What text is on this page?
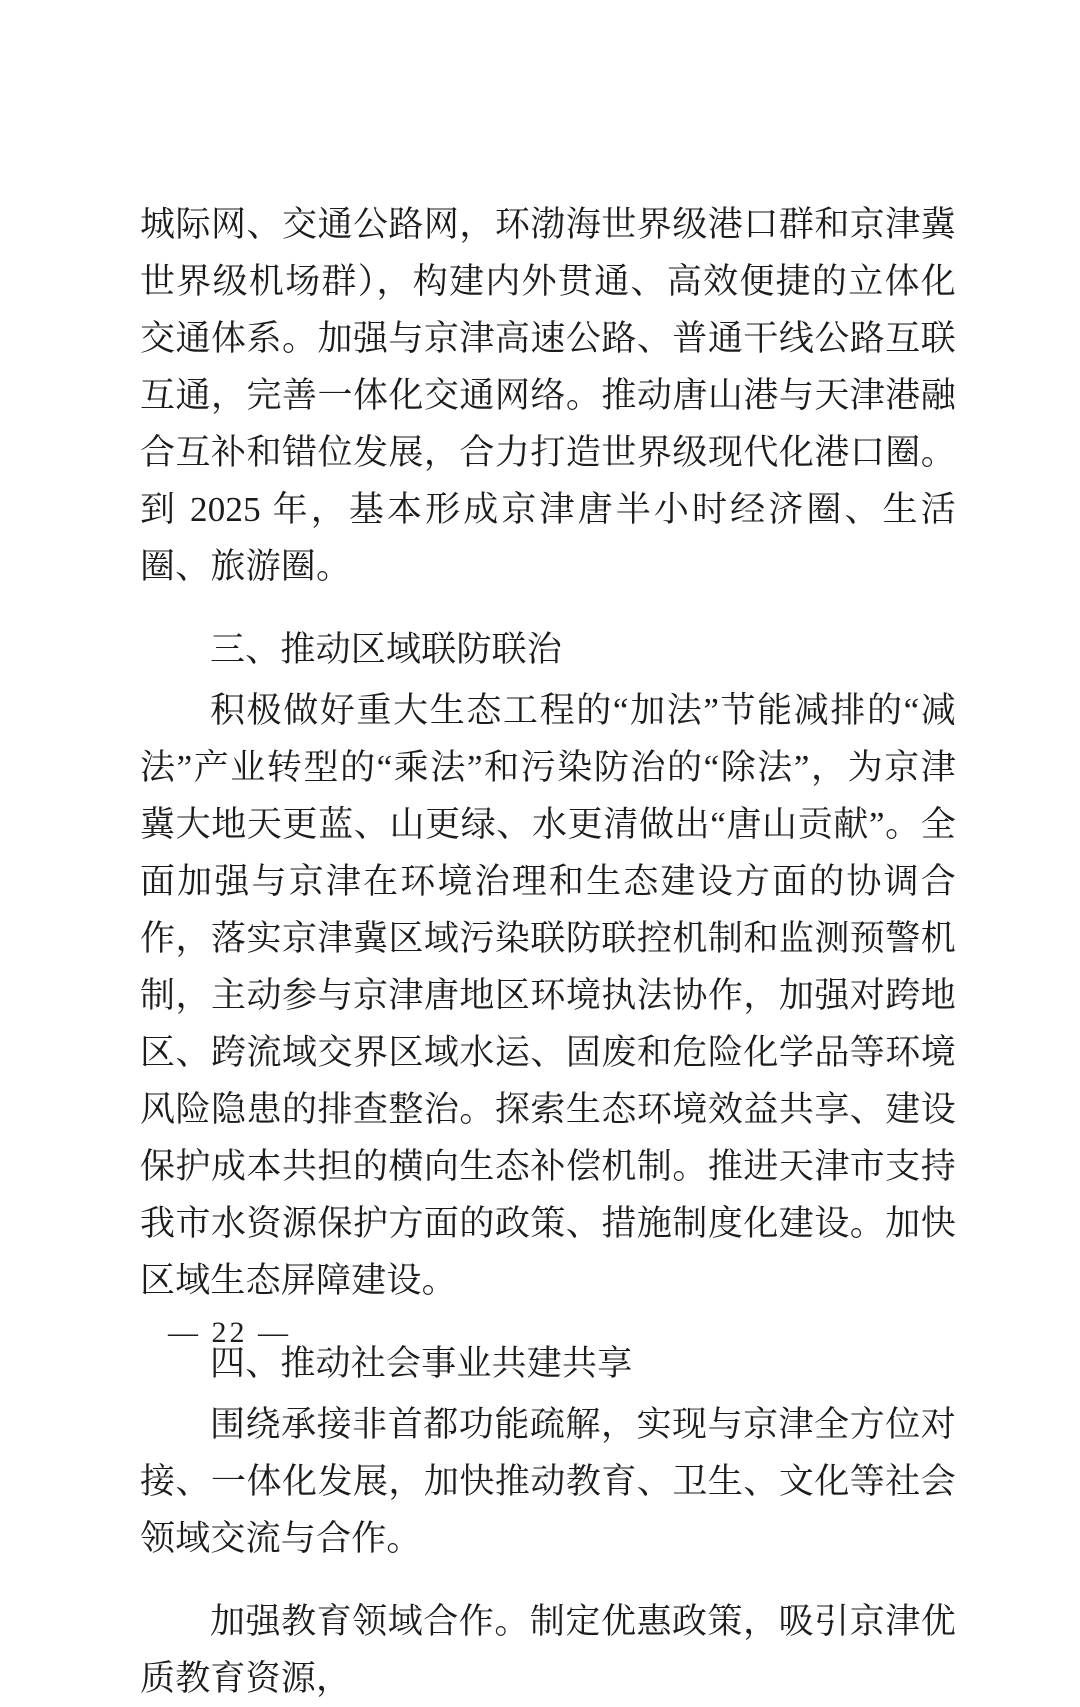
城际网、交通公路网，环渤海世界级港口群和京津冀世界级机场群），构建内外贯通、高效便捷的立体化交通体系。加强与京津高速公路、普通干线公路互联互通，完善一体化交通网络。推动唐山港与天津港融合互补和错位发展，合力打造世界级现代化港口圈。到 2025 年，基本形成京津唐半小时经济圈、生活圈、旅游圈。

三、推动区域联防联治

积极做好重大生态工程的“加法”节能减排的“减法”产业转型的“乘法”和污染防治的“除法”，为京津冀大地天更蓝、山更绿、水更清做出“唐山贡献”。全面加强与京津在环境治理和生态建设方面的协调合作，落实京津冀区域污染联防联控机制和监测预警机制，主动参与京津唐地区环境执法协作，加强对跨地区、跨流域交界区域水运、固废和危险化学品等环境风险隐患的排查整治。探索生态环境效益共享、建设保护成本共担的横向生态补偿机制。推进天津市支持我市水资源保护方面的政策、措施制度化建设。加快区域生态屏障建设。

四、推动社会事业共建共享

围绕承接非首都功能疏解，实现与京津全方位对接、一体化发展，加快推动教育、卫生、文化等社会领域交流与合作。

加强教育领域合作。制定优惠政策，吸引京津优质教育资源，

— 22 —
